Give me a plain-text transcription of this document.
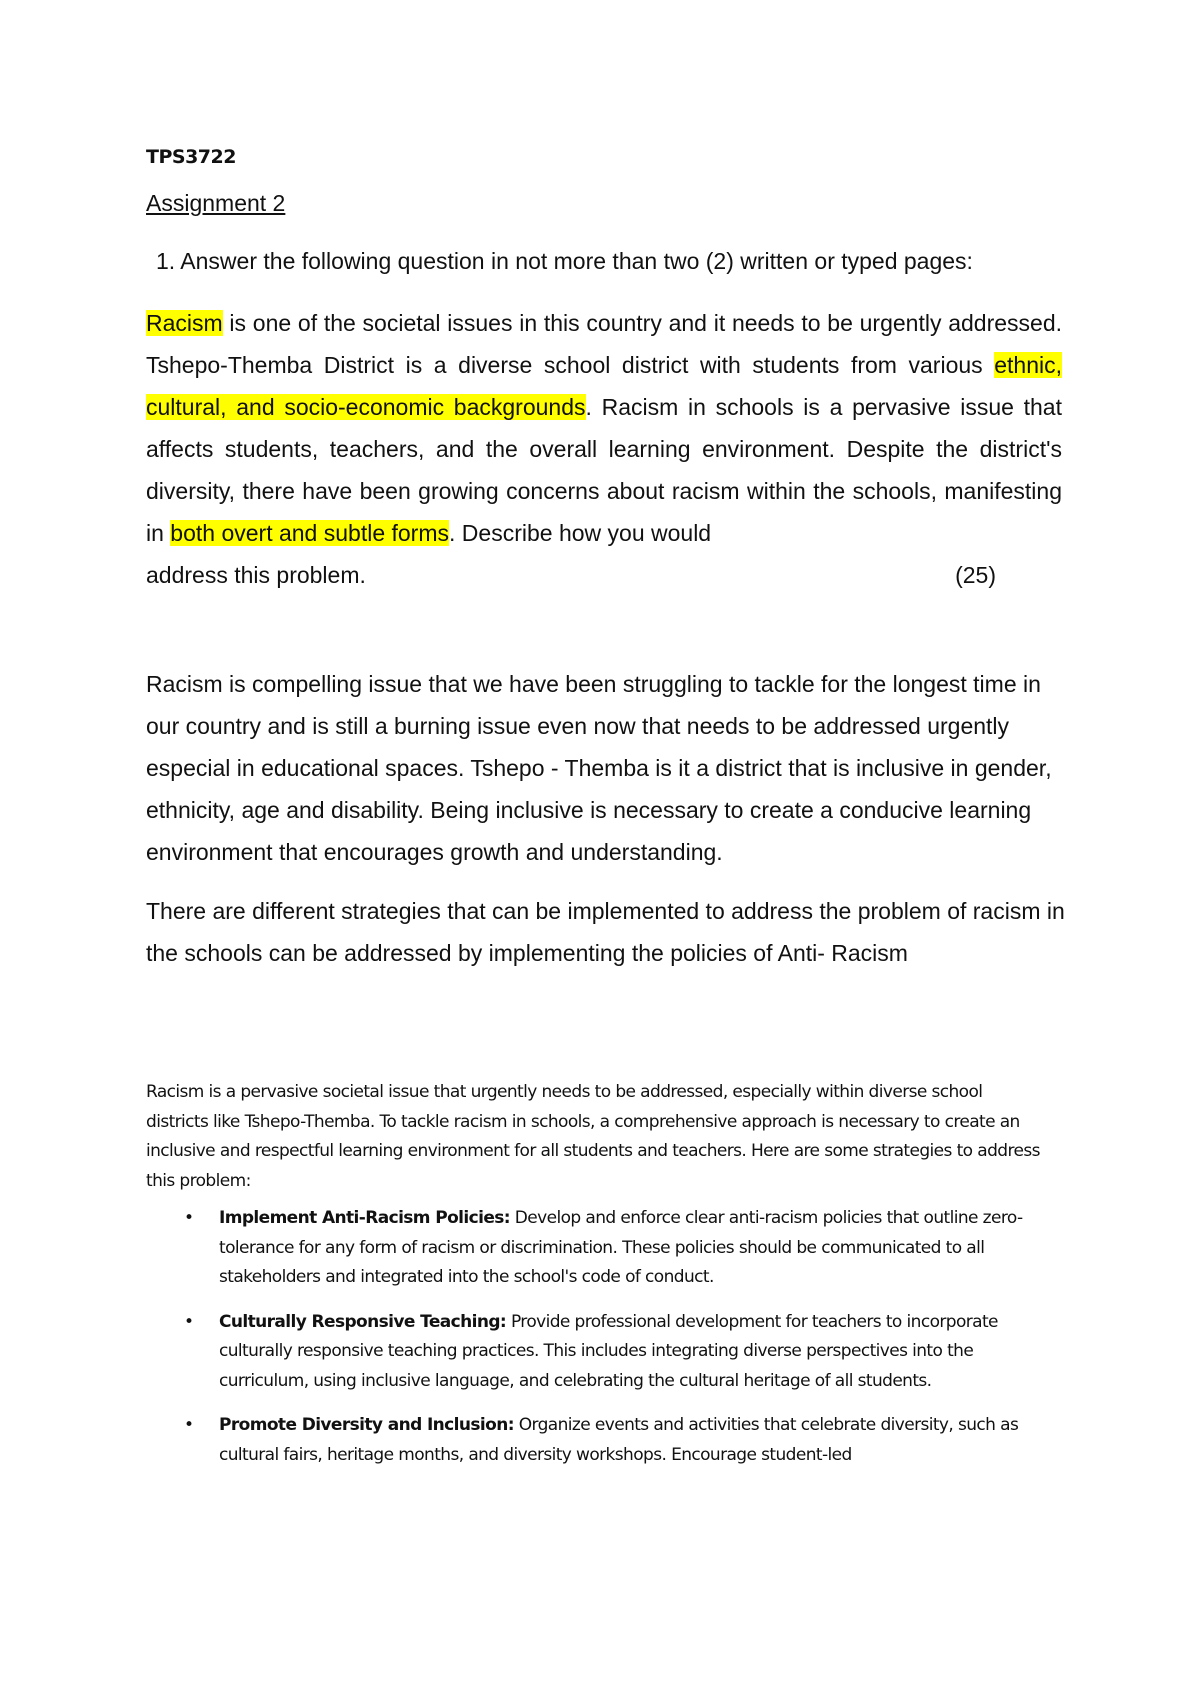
TPS3722

Assignment 2

1. Answer the following question in not more than two (2) written or typed pages:

Racism is one of the societal issues in this country and it needs to be urgently addressed. Tshepo-Themba District is a diverse school district with students from various ethnic, cultural, and socio-economic backgrounds. Racism in schools is a pervasive issue that affects students, teachers, and the overall learning environment. Despite the district's diversity, there have been growing concerns about racism within the schools, manifesting in both overt and subtle forms. Describe how you would
address this problem.	(25)

Racism is compelling issue that we have been struggling to tackle for the longest time in our country and is still a burning issue even now that needs to be addressed urgently especial in educational spaces. Tshepo - Themba is it a district that is inclusive in gender, ethnicity, age and disability. Being inclusive is necessary to create a conducive learning environment that encourages growth and understanding.

There are different strategies that can be implemented to address the problem of racism in the schools can be addressed by implementing the policies of Anti- Racism

Racism is a pervasive societal issue that urgently needs to be addressed, especially within diverse school districts like Tshepo-Themba. To tackle racism in schools, a comprehensive approach is necessary to create an inclusive and respectful learning environment for all students and teachers. Here are some strategies to address this problem:

• Implement Anti-Racism Policies: Develop and enforce clear anti-racism policies that outline zero-tolerance for any form of racism or discrimination. These policies should be communicated to all stakeholders and integrated into the school's code of conduct.
• Culturally Responsive Teaching: Provide professional development for teachers to incorporate culturally responsive teaching practices. This includes integrating diverse perspectives into the curriculum, using inclusive language, and celebrating the cultural heritage of all students.
• Promote Diversity and Inclusion: Organize events and activities that celebrate diversity, such as cultural fairs, heritage months, and diversity workshops. Encourage student-led
